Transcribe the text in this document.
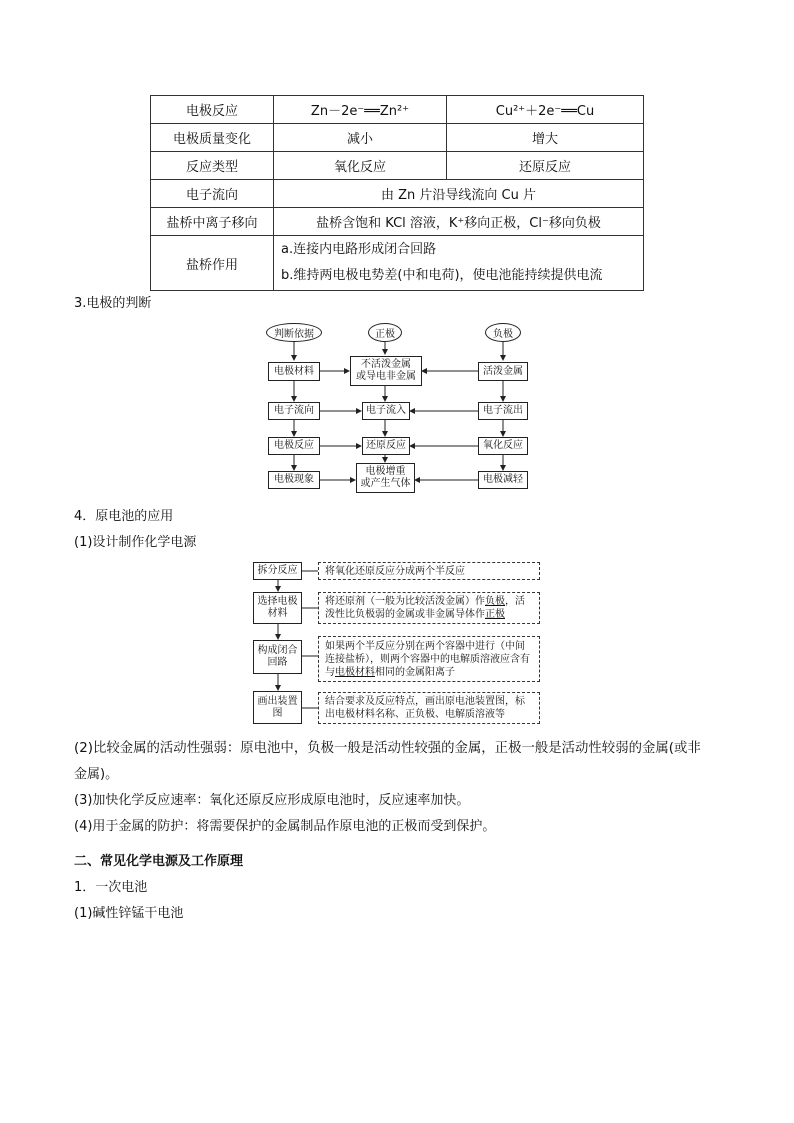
电极反应	Zn－2e⁻══Zn²⁺	Cu²⁺＋2e⁻══Cu
电极质量变化	减小	增大
反应类型	氧化反应	还原反应
电子流向	由 Zn 片沿导线流向 Cu 片	
盐桥中离子移向	盐桥含饱和 KCl 溶液，K⁺移向正极，Cl⁻移向负极	
盐桥作用	a.连接内电路形成闭合回路
b.维持两电极电势差(中和电荷)，使电池能持续提供电流	
3.电极的判断
判断依据	正极	负极
电极材料
不活泼金属
或导电非金属	活泼金属
电子流向	电子流入	电子流出
电极反应	还原反应	氧化反应
电极现象
电极增重
或产生气体	电极减轻
4．原电池的应用
(1)设计制作化学电源
拆分反应
选择电极
材料
构成闭合
回路
画出装置
图
将氧化还原反应分成两个半反应
将还原剂（一般为比较活泼金属）作负极，活泼性比负极弱的金属或非金属导体作正极
如果两个半反应分别在两个容器中进行（中间连接盐桥），则两个容器中的电解质溶液应含有与电极材料相同的金属阳离子
结合要求及反应特点，画出原电池装置图，标出电极材料名称、正负极、电解质溶液等
(2)比较金属的活动性强弱：原电池中，负极一般是活动性较强的金属，正极一般是活动性较弱的金属(或非
金属)。
(3)加快化学反应速率：氧化还原反应形成原电池时，反应速率加快。
(4)用于金属的防护：将需要保护的金属制品作原电池的正极而受到保护。
二、常见化学电源及工作原理
1．一次电池
(1)碱性锌锰干电池
